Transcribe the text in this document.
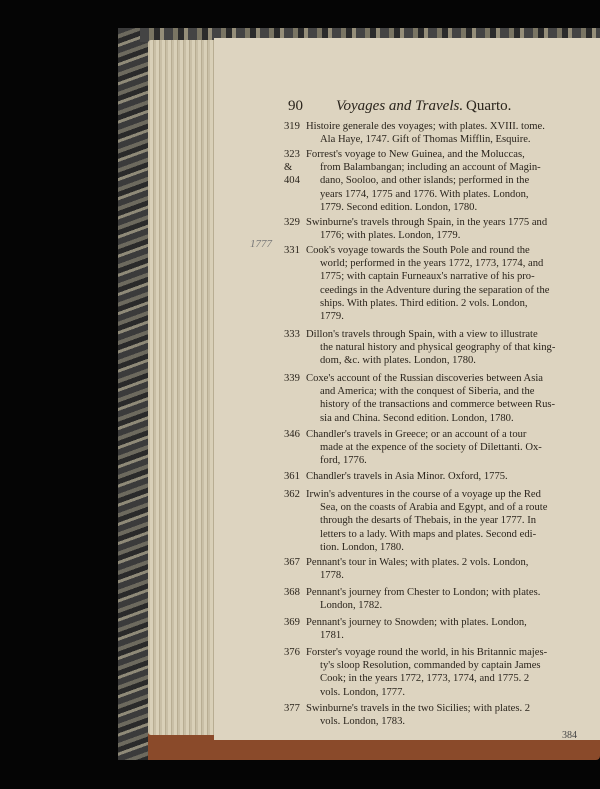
90 Voyages and Travels. Quarto.
319 Histoire generale des voyages; with plates. XVIII. tome.
Ala Haye, 1747. Gift of Thomas Mifflin, Esquire.
323 & 404
Forrest's voyage to New Guinea, and the Moluccas,
from Balambangan; including an account of Magin-
dano, Sooloo, and other islands; performed in the
years 1774, 1775 and 1776. With plates. London,
1779. Second edition. London, 1780.
329 Swinburne's travels through Spain, in the years 1775 and
1776; with plates. London, 1779.
331 Cook's voyage towards the South Pole and round the
world; performed in the years 1772, 1773, 1774, and
1775; with captain Furneaux's narrative of his pro-
ceedings in the Adventure during the separation of the
ships. With plates. Third edition. 2 vols. London,
1779.
333 Dillon's travels through Spain, with a view to illustrate
the natural history and physical geography of that king-
dom, &c. with plates. London, 1780.
339 Coxe's account of the Russian discoveries between Asia
and America; with the conquest of Siberia, and the
history of the transactions and commerce between Rus-
sia and China. Second edition. London, 1780.
346 Chandler's travels in Greece; or an account of a tour
made at the expence of the society of Dilettanti. Ox-
ford, 1776.
361 Chandler's travels in Asia Minor. Oxford, 1775.
362 Irwin's adventures in the course of a voyage up the Red
Sea, on the coasts of Arabia and Egypt, and of a route
through the desarts of Thebais, in the year 1777. In
letters to a lady. With maps and plates. Second edi-
tion. London, 1780.
367 Pennant's tour in Wales; with plates. 2 vols. London,
1778.
368 Pennant's journey from Chester to London; with plates.
London, 1782.
369 Pennant's journey to Snowden; with plates. London,
1781.
376 Forster's voyage round the world, in his Britannic majes-
ty's sloop Resolution, commanded by captain James
Cook; in the years 1772, 1773, 1774, and 1775. 2
vols. London, 1777.
377 Swinburne's travels in the two Sicilies; with plates. 2
vols. London, 1783.
1777
384
